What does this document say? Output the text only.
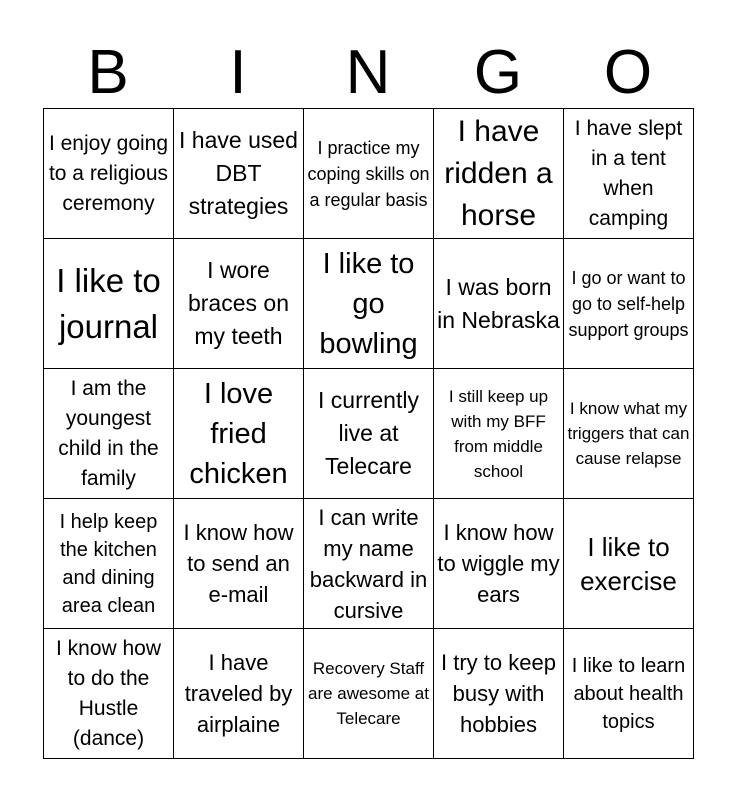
B	I	N	G	O
I enjoy going to a religious ceremony	I have used DBT strategies	I practice my coping skills on a regular basis	I have ridden a horse	I have slept in a tent when camping

I like to journal	I wore braces on my teeth	I like to go bowling	I was born in Nebraska	I go or want to go to self-help support groups

I am the youngest child in the family	I love fried chicken	I currently live at Telecare	I still keep up with my BFF from middle school	I know what my triggers that can cause relapse

I help keep the kitchen and dining area clean	I know how to send an e-mail	I can write my name backward in cursive	I know how to wiggle my ears	I like to exercise

I know how to do the Hustle (dance)	I have traveled by airplaine	Recovery Staff are awesome at Telecare	I try to keep busy with hobbies	I like to learn about health topics
